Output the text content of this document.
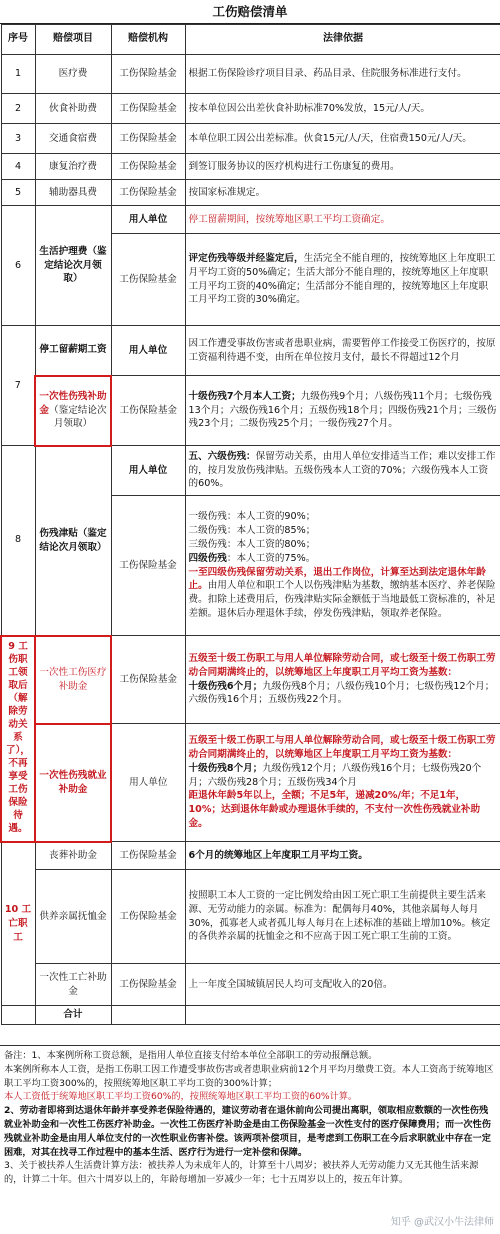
工伤赔偿清单
序号	赔偿项目	赔偿机构	法律依据
1	医疗费	工伤保险基金	根据工伤保险诊疗项目目录、药品目录、住院服务标准进行支付。
2	伙食补助费	工伤保险基金	按本单位因公出差伙食补助标准70%发放，15元/人/天。
3	交通食宿费	工伤保险基金	本单位职工因公出差标准。伙食15元/人/天，住宿费150元/人/天。
4	康复治疗费	工伤保险基金	到签订服务协议的医疗机构进行工伤康复的费用。
5	辅助器具费	工伤保险基金	按国家标准规定。
6	生活护理费（鉴定结论次月领取）	用人单位	停工留薪期间，按统筹地区职工平均工资确定。
		工伤保险基金	评定伤残等级并经鉴定后，生活完全不能自理的，按统筹地区上年度职工月平均工资的50%确定；生活大部分不能自理的，按统筹地区上年度职工月平均工资的40%确定；生活部分不能自理的，按统筹地区上年度职工月平均工资的30%确定。
7	停工留薪期工资	用人单位	因工作遭受事故伤害或者患职业病，需要暂停工作接受工伤医疗的，按原工资福利待遇不变，由所在单位按月支付，最长不得超过12个月
	一次性伤残补助金（鉴定结论次月领取）	工伤保险基金	十级伤残7个月本人工资；九级伤残9个月；八级伤残11个月；七级伤残13个月；六级伤残16个月；五级伤残18个月；四级伤残21个月；三级伤残23个月；二级伤残25个月；一级伤残27个月。
8	伤残津贴（鉴定结论次月领取）	用人单位	五、六级伤残：保留劳动关系，由用人单位安排适当工作；难以安排工作的，按月发放伤残津贴。五级伤残本人工资的70%；六级伤残本人工资的60%。
		工伤保险基金	一级伤残：本人工资的90%；
二级伤残：本人工资的85%；
三级伤残：本人工资的80%；
四级伤残：本人工资的75%。
一至四级伤残保留劳动关系，退出工作岗位，计算至达到法定退休年龄止。由用人单位和职工个人以伤残津贴为基数，缴纳基本医疗、养老保险费。扣除上述费用后，伤残津贴实际金额低于当地最低工资标准的，补足差额。退休后办理退休手续，停发伤残津贴，领取养老保险。

9 工伤职工领取后（解除劳动关系了），不再享受工伤保险待遇。	一次性工伤医疗补助金	工伤保险基金	五级至十级工伤职工与用人单位解除劳动合同，或七级至十级工伤职工劳动合同期满终止的，以统筹地区上年度职工月平均工资为基数：
十级伤残6个月；九级伤残8个月；八级伤残10个月；七级伤残12个月；六级伤残16个月；五级伤残22个月。
	一次性伤残就业补助金	用人单位	五级至十级工伤职工与用人单位解除劳动合同，或七级至十级工伤职工劳动合同期满终止的，以统筹地区上年度职工月平均工资为基数：
十级伤残8个月；九级伤残12个月；八级伤残16个月；七级伤残20个月；六级伤残28个月；五级伤残34个月
距退休年龄5年以上，全额；不足5年，递减20%/年；不足1年，10%；达到退休年龄或办理退休手续的，不支付一次性伤残就业补助金。
10 工亡职工	丧葬补助金	工伤保险基金	6个月的统筹地区上年度职工月平均工资。
	供养亲属抚恤金	工伤保险基金	按照职工本人工资的一定比例发给由因工死亡职工生前提供主要生活来源、无劳动能力的亲属。标准为：配偶每月40%，其他亲属每人每月30%，孤寡老人或者孤儿每人每月在上述标准的基础上增加10%。核定的各供养亲属的抚恤金之和不应高于因工死亡职工生前的工资。
	一次性工亡补助金	工伤保险基金	上一年度全国城镇居民人均可支配收入的20倍。
	合计		

备注：1、本案例所称工资总额，是指用人单位直接支付给本单位全部职工的劳动报酬总额。

本案例所称本人工资，是指工伤职工因工作遭受事故伤害或者患职业病前12个月平均月缴费工资。本人工资高于统筹地区职工平均工资300%的，按照统筹地区职工平均工资的300%计算；

本人工资低于统筹地区职工平均工资60%的，按照统筹地区职工平均工资的60%计算。

2、劳动者即将到达退休年龄并享受养老保险待遇的，建议劳动者在退休前向公司提出离职，领取相应数额的一次性伤残就业补助金和一次性工伤医疗补助金。一次性工伤医疗补助金是由工伤保险基金一次性支付的医疗保障费用；而一次性伤残就业补助金是由用人单位支付的一次性职业伤害补偿。该两项补偿项目，是考虑到工伤职工在今后求职就业中存在一定困难，对其在找寻工作过程中的基本生活、医疗行为进行一定补偿和保障。

3、关于被扶养人生活费计算方法：被扶养人为未成年人的，计算至十八周岁；被扶养人无劳动能力又无其他生活来源的，计算二十年。但六十周岁以上的，年龄每增加一岁减少一年；七十五周岁以上的，按五年计算。

知乎 @武汉小牛法律师
